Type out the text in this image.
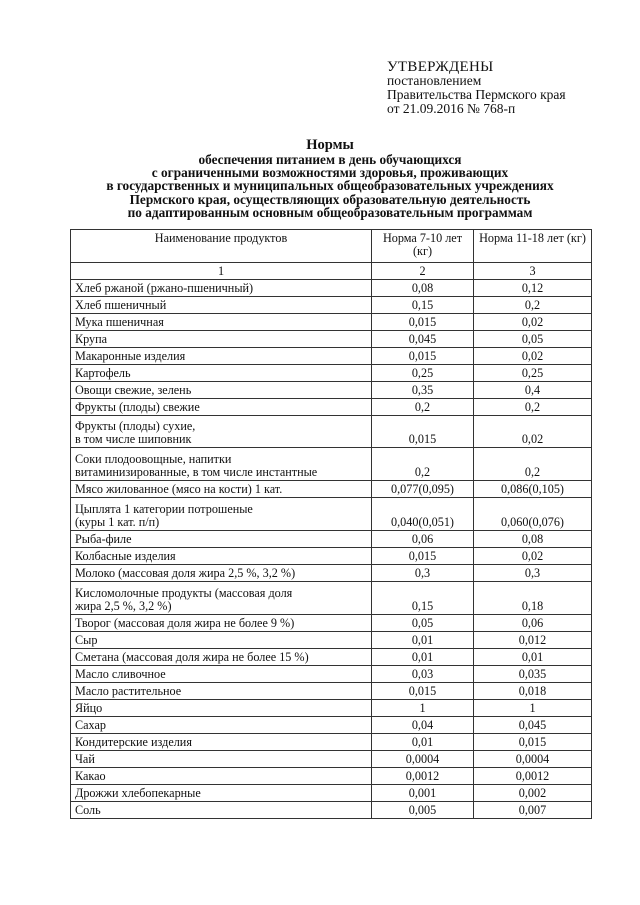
УТВЕРЖДЕНЫ
постановлением
Правительства Пермского края
от 21.09.2016 № 768-п
Нормы
обеспечения питанием в день обучающихся
с ограниченными возможностями здоровья, проживающих
в государственных и муниципальных общеобразовательных учреждениях
Пермского края, осуществляющих образовательную деятельность
по адаптированным основным общеобразовательным программам
Наименование продуктов	Норма 7-10 лет (кг)	Норма 11-18 лет (кг)
1	2	3
Хлеб ржаной (ржано-пшеничный)	0,08	0,12
Хлеб пшеничный	0,15	0,2
Мука пшеничная	0,015	0,02
Крупа	0,045	0,05
Макаронные изделия	0,015	0,02
Картофель	0,25	0,25
Овощи свежие, зелень	0,35	0,4
Фрукты (плоды) свежие	0,2	0,2
Фрукты (плоды) сухие,
в том числе шиповник	0,015	0,02
Соки плодоовощные, напитки
витаминизированные, в том числе инстантные	0,2	0,2
Мясо жилованное (мясо на кости) 1 кат.	0,077(0,095)	0,086(0,105)
Цыплята 1 категории потрошеные
(куры 1 кат. п/п)	0,040(0,051)	0,060(0,076)
Рыба-филе	0,06	0,08
Колбасные изделия	0,015	0,02
Молоко (массовая доля жира 2,5 %, 3,2 %)	0,3	0,3
Кисломолочные продукты (массовая доля
жира 2,5 %, 3,2 %)	0,15	0,18
Творог (массовая доля жира не более 9 %)	0,05	0,06
Сыр	0,01	0,012
Сметана (массовая доля жира не более 15 %)	0,01	0,01
Масло сливочное	0,03	0,035
Масло растительное	0,015	0,018
Яйцо	1	1
Сахар	0,04	0,045
Кондитерские изделия	0,01	0,015
Чай	0,0004	0,0004
Какао	0,0012	0,0012
Дрожжи хлебопекарные	0,001	0,002
Соль	0,005	0,007
